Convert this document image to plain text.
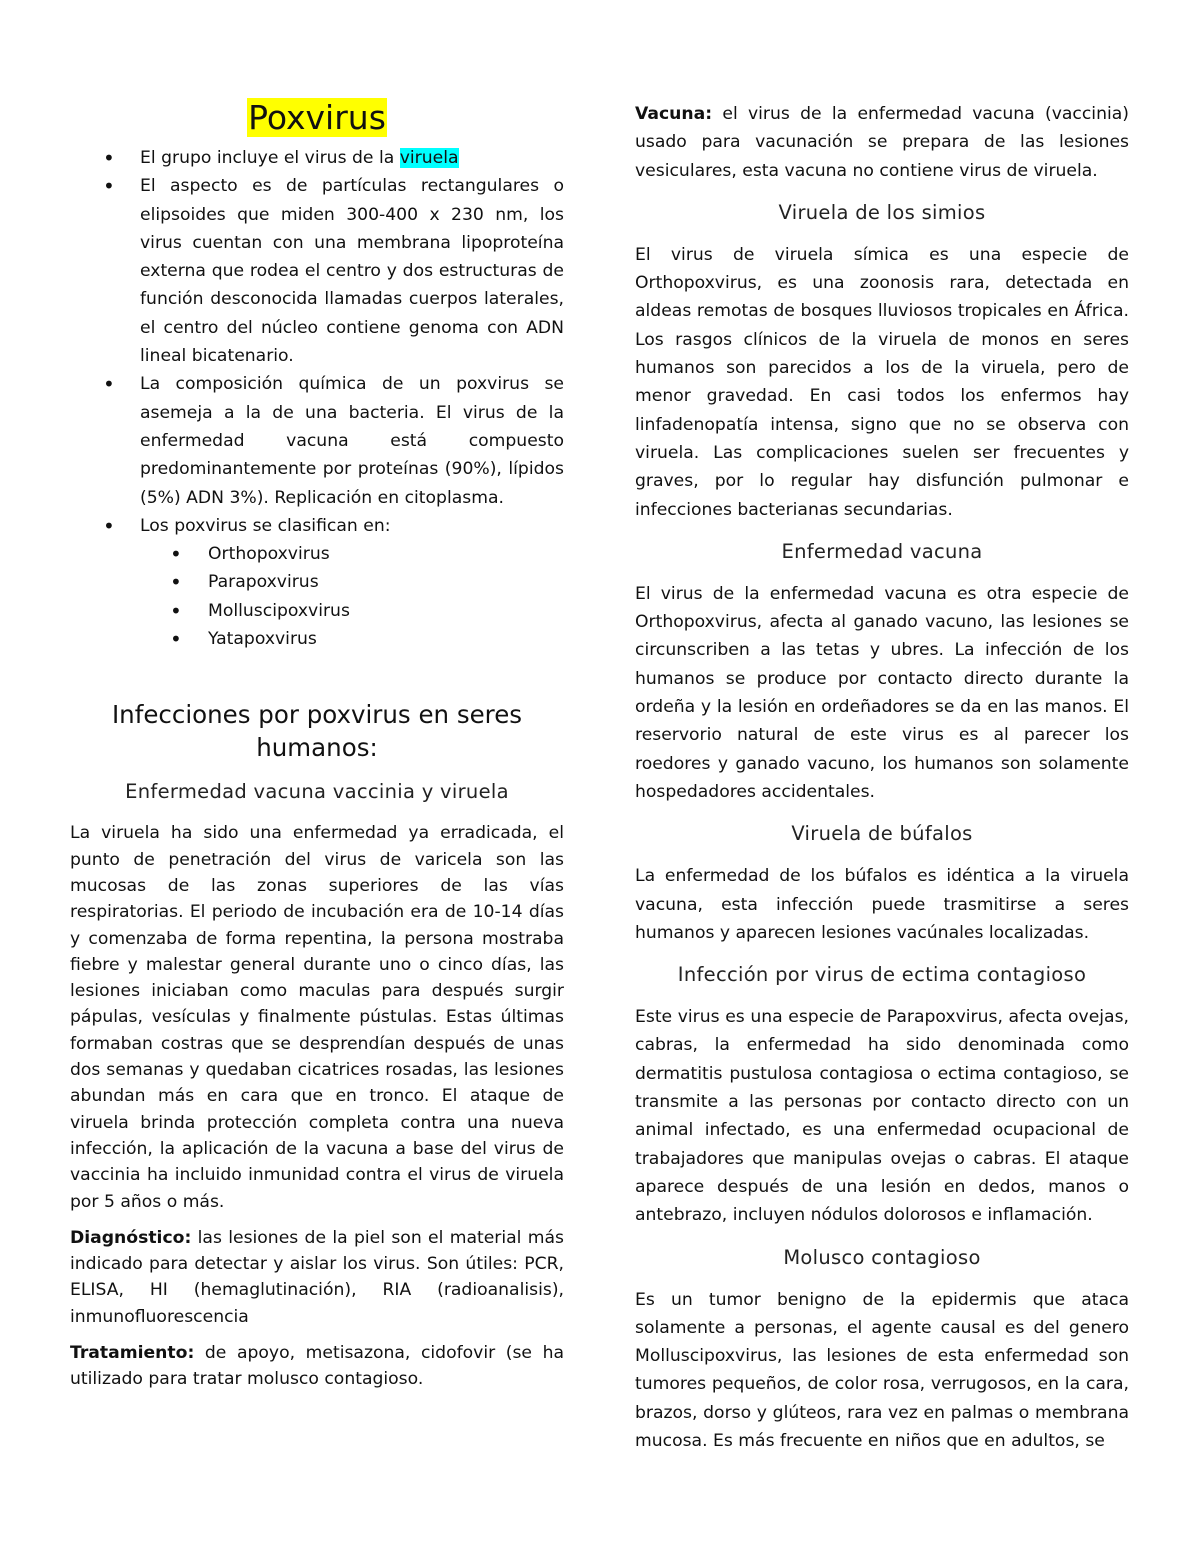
Poxvirus
• El grupo incluye el virus de la viruela
• El aspecto es de partículas rectangulares o elipsoides que miden 300-400 x 230 nm, los virus cuentan con una membrana lipoproteína externa que rodea el centro y dos estructuras de función desconocida llamadas cuerpos laterales, el centro del núcleo contiene genoma con ADN lineal bicatenario.
• La composición química de un poxvirus se asemeja a la de una bacteria. El virus de la enfermedad vacuna está compuesto predominantemente por proteínas (90%), lípidos (5%) ADN 3%). Replicación en citoplasma.
• Los poxvirus se clasifican en:
• Orthopoxvirus
• Parapoxvirus
• Molluscipoxvirus
• Yatapoxvirus
Infecciones por poxvirus en seres humanos:
Enfermedad vacuna vaccinia y viruela

La viruela ha sido una enfermedad ya erradicada, el punto de penetración del virus de varicela son las mucosas de las zonas superiores de las vías respiratorias. El periodo de incubación era de 10-14 días y comenzaba de forma repentina, la persona mostraba fiebre y malestar general durante uno o cinco días, las lesiones iniciaban como maculas para después surgir pápulas, vesículas y finalmente pústulas. Estas últimas formaban costras que se desprendían después de unas dos semanas y quedaban cicatrices rosadas, las lesiones abundan más en cara que en tronco. El ataque de viruela brinda protección completa contra una nueva infección, la aplicación de la vacuna a base del virus de vaccinia ha incluido inmunidad contra el virus de viruela por 5 años o más.

Diagnóstico: las lesiones de la piel son el material más indicado para detectar y aislar los virus. Son útiles: PCR, ELISA, HI (hemaglutinación), RIA (radioanalisis), inmunofluorescencia

Tratamiento: de apoyo, metisazona, cidofovir (se ha utilizado para tratar molusco contagioso.

Vacuna: el virus de la enfermedad vacuna (vaccinia) usado para vacunación se prepara de las lesiones vesiculares, esta vacuna no contiene virus de viruela.

Viruela de los simios

El virus de viruela símica es una especie de Orthopoxvirus, es una zoonosis rara, detectada en aldeas remotas de bosques lluviosos tropicales en África. Los rasgos clínicos de la viruela de monos en seres humanos son parecidos a los de la viruela, pero de menor gravedad. En casi todos los enfermos hay linfadenopatía intensa, signo que no se observa con viruela. Las complicaciones suelen ser frecuentes y graves, por lo regular hay disfunción pulmonar e infecciones bacterianas secundarias.

Enfermedad vacuna

El virus de la enfermedad vacuna es otra especie de Orthopoxvirus, afecta al ganado vacuno, las lesiones se circunscriben a las tetas y ubres. La infección de los humanos se produce por contacto directo durante la ordeña y la lesión en ordeñadores se da en las manos. El reservorio natural de este virus es al parecer los roedores y ganado vacuno, los humanos son solamente hospedadores accidentales.

Viruela de búfalos

La enfermedad de los búfalos es idéntica a la viruela vacuna, esta infección puede trasmitirse a seres humanos y aparecen lesiones vacúnales localizadas.

Infección por virus de ectima contagioso

Este virus es una especie de Parapoxvirus, afecta ovejas, cabras, la enfermedad ha sido denominada como dermatitis pustulosa contagiosa o ectima contagioso, se transmite a las personas por contacto directo con un animal infectado, es una enfermedad ocupacional de trabajadores que manipulas ovejas o cabras. El ataque aparece después de una lesión en dedos, manos o antebrazo, incluyen nódulos dolorosos e inflamación.

Molusco contagioso

Es un tumor benigno de la epidermis que ataca solamente a personas, el agente causal es del genero Molluscipoxvirus, las lesiones de esta enfermedad son tumores pequeños, de color rosa, verrugosos, en la cara, brazos, dorso y glúteos, rara vez en palmas o membrana mucosa. Es más frecuente en niños que en adultos, se
